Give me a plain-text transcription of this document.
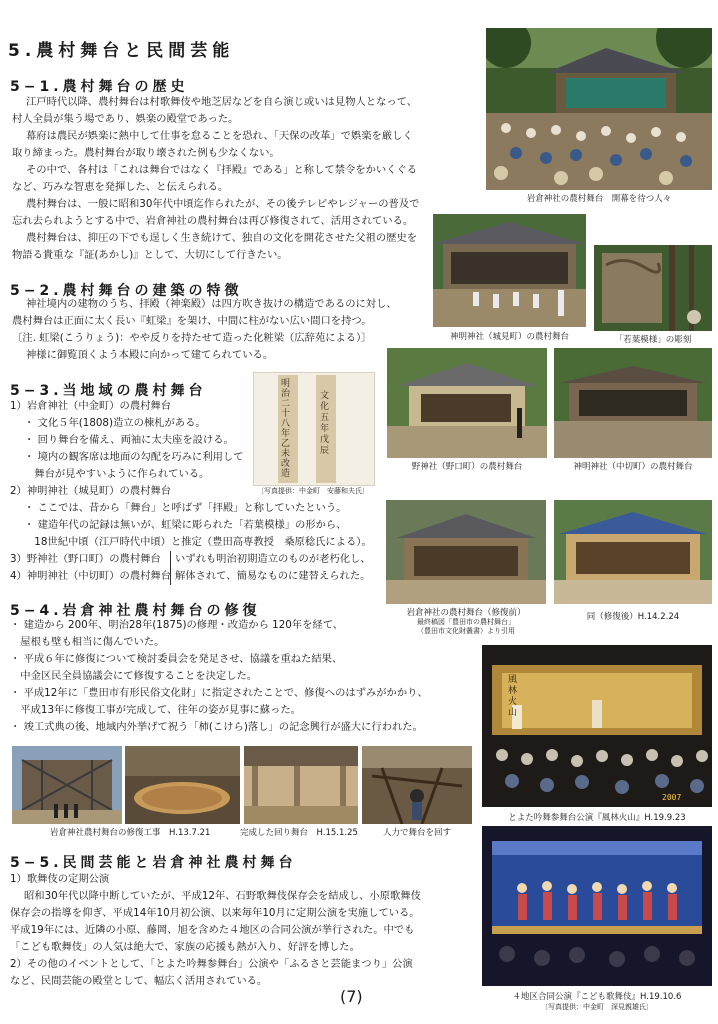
5.農村舞台と民間芸能
5−1.農村舞台の歴史
江戸時代以降、農村舞台は村歌舞伎や地芝居などを自ら演じ或いは見物人となって、
村人全員が集う場であり、娯楽の殿堂であった。
幕府は農民が娯楽に熱中して仕事を怠ることを恐れ、「天保の改革」で娯楽を厳しく
取り締まった。農村舞台が取り壊された例も少なくない。
その中で、各村は「これは舞台ではなく『拝殿』である」と称して禁令をかいくぐる
など、巧みな智恵を発揮した、と伝えられる。
農村舞台は、一般に昭和30年代中頃迄作られたが、その後テレビやレジャーの普及で
忘れ去られようとする中で、岩倉神社の農村舞台は再び修復されて、活用されている。
農村舞台は、抑圧の下でも逞しく生き続けて、独自の文化を開花させた父祖の歴史を
物語る貴重な『証(あかし)』として、大切にして行きたい。
5−2.農村舞台の建築の特徴
神社境内の建物のうち、拝殿（神楽殿）は四方吹き抜けの構造であるのに対し、
農村舞台は正面に太く長い『虹梁』を架け、中間に柱がない広い間口を持つ。
〔注. 虹梁(こうりょう)：やや反りを持たせて造った化粧梁（広辞苑による）〕
神様に御覧頂くよう本殿に向かって建てられている。
5−3.当地域の農村舞台
1）岩倉神社（中金町）の農村舞台
・ 文化５年(1808)造立の棟札がある。
・ 回り舞台を備え、両袖に太夫座を設ける。
・ 境内の観客席は地面の勾配を巧みに利用して
　舞台が見やすいように作られている。
2）神明神社（城見町）の農村舞台
・ ここでは、昔から「舞台」と呼ばず「拝殿」と称していたという。
・ 建造年代の記録は無いが、虹梁に彫られた「若葉模様」の形から、
　18世紀中頃（江戸時代中頃）と推定（豊田高専教授　桑原稔氏による）。
3）野神社（野口町）の農村舞台
4）神明神社（中切町）の農村舞台
いずれも明治初期造立のものが老朽化し、
解体されて、簡易なものに建替えられた。
5−4.岩倉神社農村舞台の修復
・ 建造から 200年、明治28年(1875)の修理・改造から 120年を経て、
　屋根も壁も相当に傷んでいた。
・ 平成６年に修復について検討委員会を発足させ、協議を重ねた結果、
　中金区民全員協議会にて修復することを決定した。
・ 平成12年に「豊田市有形民俗文化財」に指定されたことで、修復へのはずみがかかり、
　平成13年に修復工事が完成して、往年の姿が見事に蘇った。
・ 竣工式典の後、地域内外挙げて祝う「柿(こけら)落し」の記念興行が盛大に行われた。
5−5.民間芸能と岩倉神社農村舞台
1）歌舞伎の定期公演
昭和30年代以降中断していたが、平成12年、石野歌舞伎保存会を結成し、小原歌舞伎
保存会の指導を仰ぎ、平成14年10月初公演、以来毎年10月に定期公演を実施している。
平成19年には、近隣の小原、藤岡、旭を含めた４地区の合同公演が挙行された。中でも
「こども歌舞伎」の人気は絶大で、家族の応援も熱が入り、好評を博した。
2）その他のイベントとして、「とよた吟舞参舞台」公演や「ふるさと芸能まつり」公演
など、民間芸能の殿堂として、幅広く活用されている。
(7)
岩倉神社の農村舞台　開幕を待つ人々
神明神社（城見町）の農村舞台	「若葉模様」の彫刻
明治二十八年乙未改造
文化五年戊辰
〔写真提供：中金町　安藤和夫氏〕
野神社（野口町）の農村舞台	神明神社（中切町）の農村舞台
岩倉神社の農村舞台（修復前）
最終稿図「豊田市の農村舞台」
（豊田市文化財叢書）より引用
同（修復後）H.14.2.24
風林火山
2007
とよた吟舞参舞台公演『風林火山』H.19.9.23
岩倉神社農村舞台の修復工事　H.13.7.21	完成した回り舞台　H.15.1.25	人力で舞台を回す
４地区合同公演『こども歌舞伎』H.19.10.6
〔写真提供：中金町　深見親雄氏〕
